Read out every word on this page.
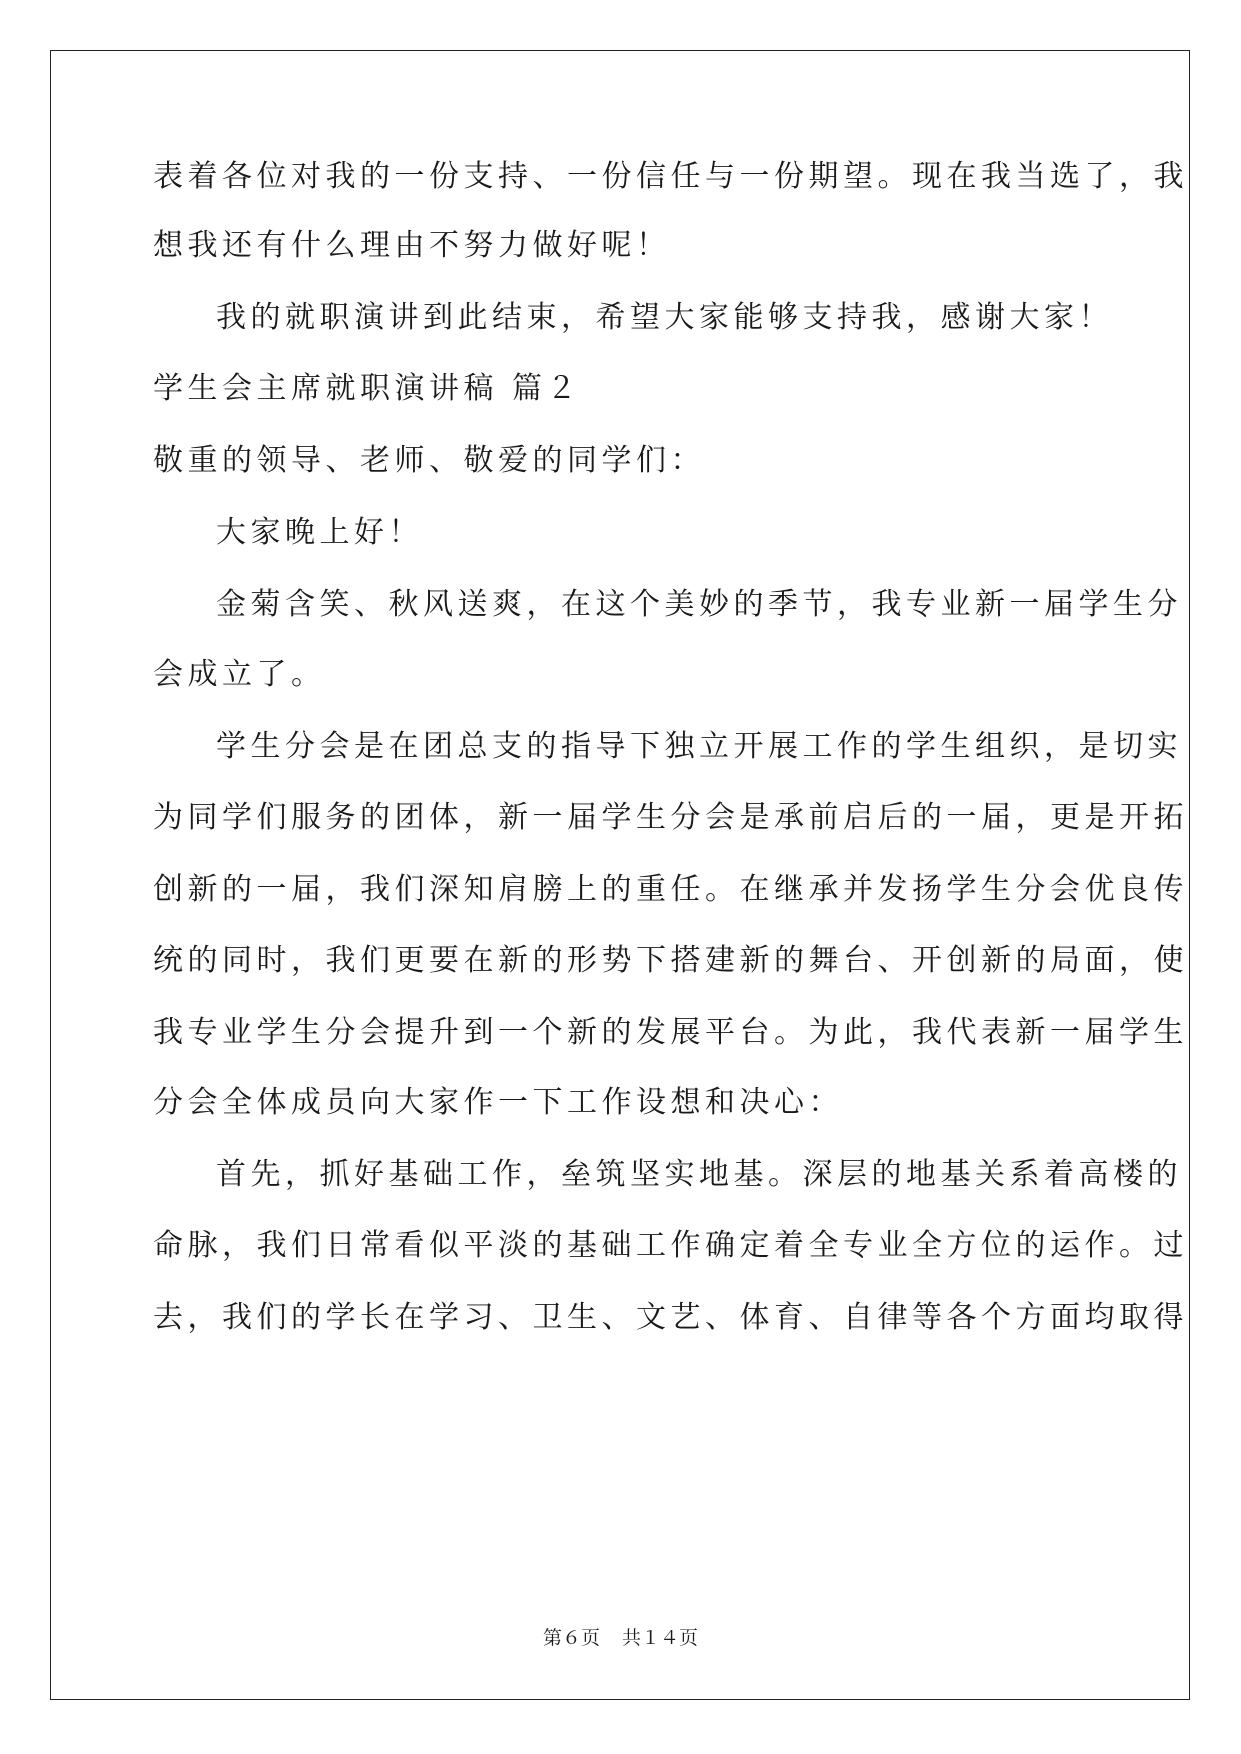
表着各位对我的一份支持、一份信任与一份期望。现在我当选了，我

想我还有什么理由不努力做好呢！

我的就职演讲到此结束，希望大家能够支持我，感谢大家！

学生会主席就职演讲稿 篇２

敬重的领导、老师、敬爱的同学们：

大家晚上好！

金菊含笑、秋风送爽，在这个美妙的季节，我专业新一届学生分

会成立了。

学生分会是在团总支的指导下独立开展工作的学生组织，是切实

为同学们服务的团体，新一届学生分会是承前启后的一届，更是开拓

创新的一届，我们深知肩膀上的重任。在继承并发扬学生分会优良传

统的同时，我们更要在新的形势下搭建新的舞台、开创新的局面，使

我专业学生分会提升到一个新的发展平台。为此，我代表新一届学生

分会全体成员向大家作一下工作设想和决心：

首先，抓好基础工作，垒筑坚实地基。深层的地基关系着高楼的

命脉，我们日常看似平淡的基础工作确定着全专业全方位的运作。过

去，我们的学长在学习、卫生、文艺、体育、自律等各个方面均取得

第６页 共１４页
